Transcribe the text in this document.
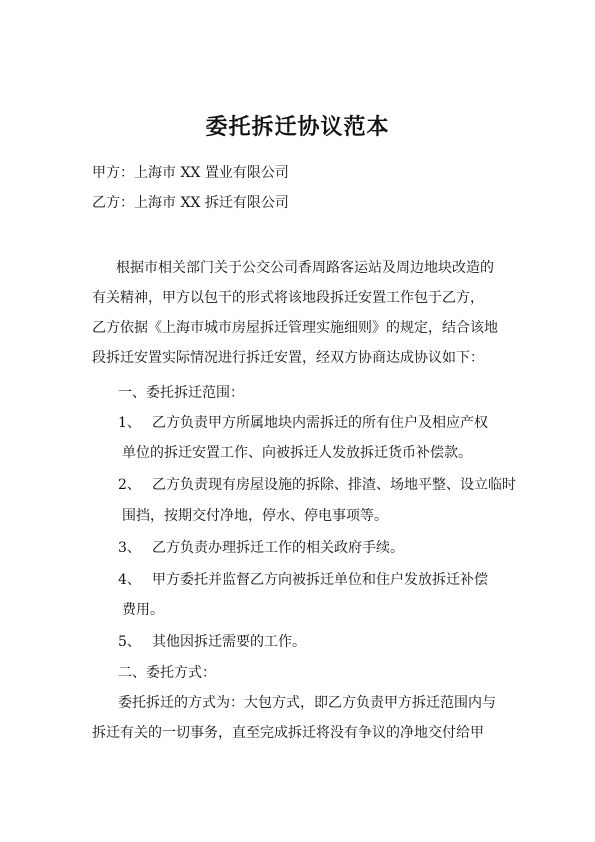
委托拆迁协议范本
甲方：上海市 XX 置业有限公司
乙方：上海市 XX 拆迁有限公司
根据市相关部门关于公交公司香周路客运站及周边地块改造的
有关精神，甲方以包干的形式将该地段拆迁安置工作包于乙方，
乙方依据《上海市城市房屋拆迁管理实施细则》的规定，结合该地
段拆迁安置实际情况进行拆迁安置，经双方协商达成协议如下：
一、委托拆迁范围：
1、 乙方负责甲方所属地块内需拆迁的所有住户及相应产权
单位的拆迁安置工作、向被拆迁人发放拆迁货币补偿款。
2、 乙方负责现有房屋设施的拆除、排渣、场地平整、设立临时
围挡，按期交付净地，停水、停电事项等。
3、 乙方负责办理拆迁工作的相关政府手续。
4、 甲方委托并监督乙方向被拆迁单位和住户发放拆迁补偿
费用。
5、 其他因拆迁需要的工作。
二、委托方式：
委托拆迁的方式为：大包方式，即乙方负责甲方拆迁范围内与
拆迁有关的一切事务，直至完成拆迁将没有争议的净地交付给甲
